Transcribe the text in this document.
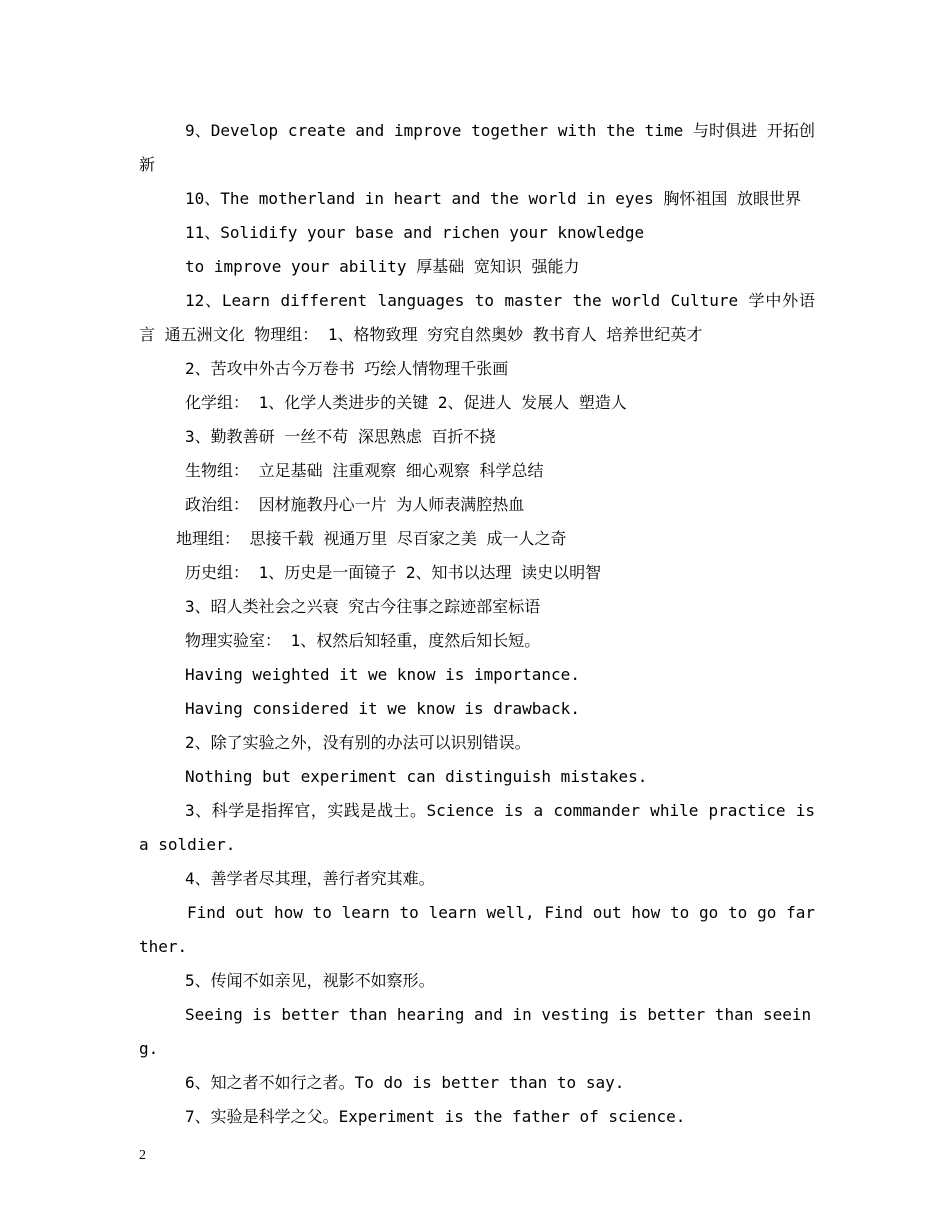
9、Develop create and improve together with the time 与时俱进 开拓创新

10、The motherland in heart and the world in eyes 胸怀祖国 放眼世界

11、Solidify your base and richen your knowledge

to improve your ability 厚基础 宽知识 强能力

12、Learn different languages to master the world Culture 学中外语言 通五洲文化 物理组： 1、格物致理 穷究自然奥妙 教书育人 培养世纪英才

2、苦攻中外古今万卷书 巧绘人情物理千张画

化学组： 1、化学人类进步的关键 2、促进人 发展人 塑造人

3、勤教善研 一丝不苟 深思熟虑 百折不挠

生物组： 立足基础 注重观察 细心观察 科学总结

政治组： 因材施教丹心一片 为人师表满腔热血

地理组： 思接千载 视通万里 尽百家之美 成一人之奇

历史组： 1、历史是一面镜子 2、知书以达理 读史以明智

3、昭人类社会之兴衰 究古今往事之踪迹部室标语

物理实验室： 1、权然后知轻重，度然后知长短。

Having weighted it we know is importance.

Having considered it we know is drawback.

2、除了实验之外，没有别的办法可以识别错误。

Nothing but experiment can distinguish mistakes.

3、科学是指挥官，实践是战士。Science is a commander while practice is a soldier.

4、善学者尽其理，善行者究其难。

Find out how to learn to learn well, Find out how to go to go farther.

5、传闻不如亲见，视影不如察形。

Seeing is better than hearing and in vesting is better than seeing.

6、知之者不如行之者。To do is better than to say.

7、实验是科学之父。Experiment is the father of science.

2
